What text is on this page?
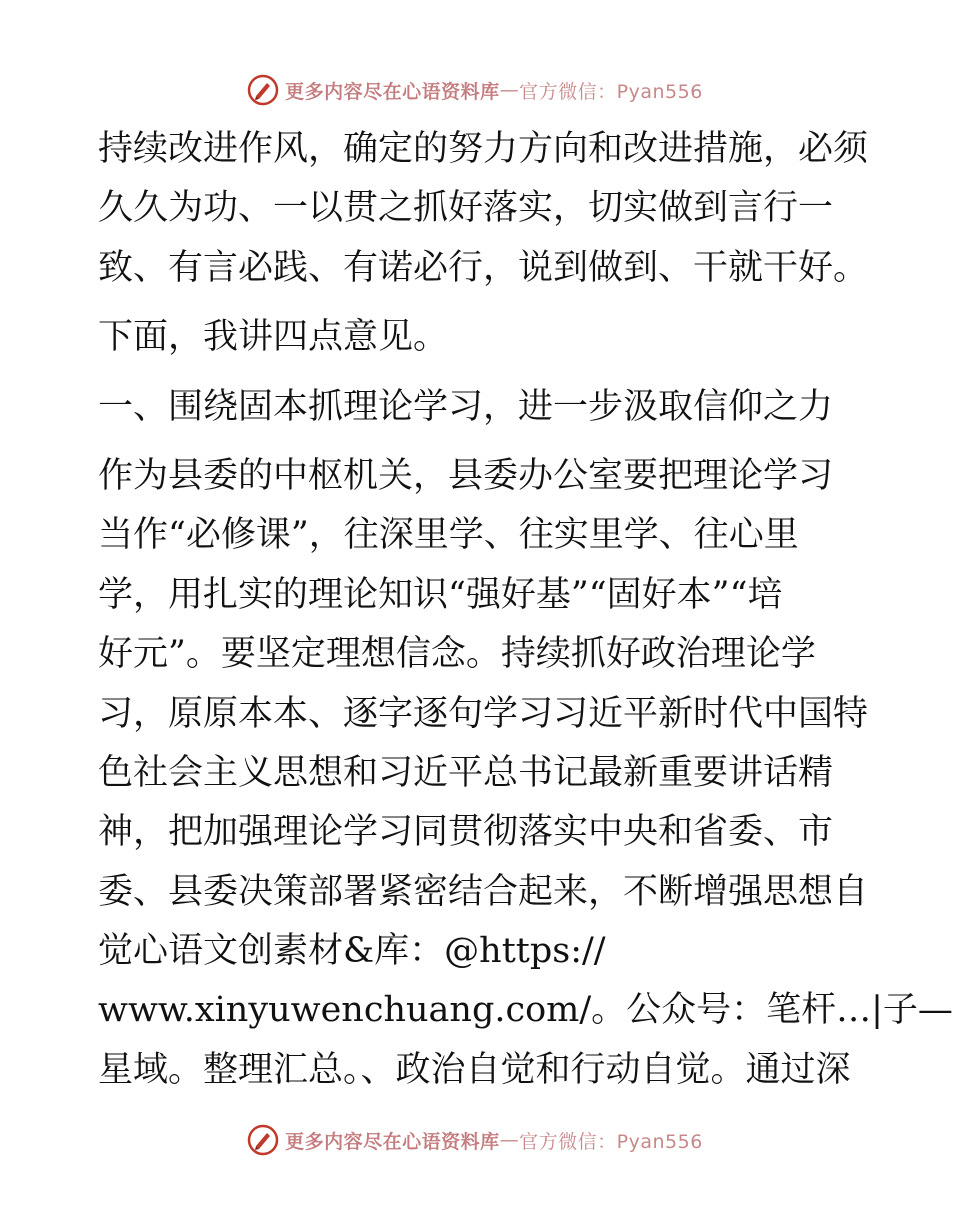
更多内容尽在心语资料库 — 官方微信：Pyan556
持续改进作风，确定的努力方向和改进措施，必须
久久为功、一以贯之抓好落实，切实做到言行一
致、有言必践、有诺必行，说到做到、干就干好。
下面，我讲四点意见。
一、围绕固本抓理论学习，进一步汲取信仰之力
作为县委的中枢机关，县委办公室要把理论学习
当作“必修课”，往深里学、往实里学、往心里
学，用扎实的理论知识“强好基”“固好本”“培
好元”。要坚定理想信念。持续抓好政治理论学
习，原原本本、逐字逐句学习习近平新时代中国特
色社会主义思想和习近平总书记最新重要讲话精
神，把加强理论学习同贯彻落实中央和省委、市
委、县委决策部署紧密结合起来，不断增强思想自
觉心语文创素材&库：@https://
www.xinyuwenchuang.com/。公众号：笔杆…|子—
星域。整理汇总。、政治自觉和行动自觉。通过深
更多内容尽在心语资料库 — 官方微信：Pyan556
